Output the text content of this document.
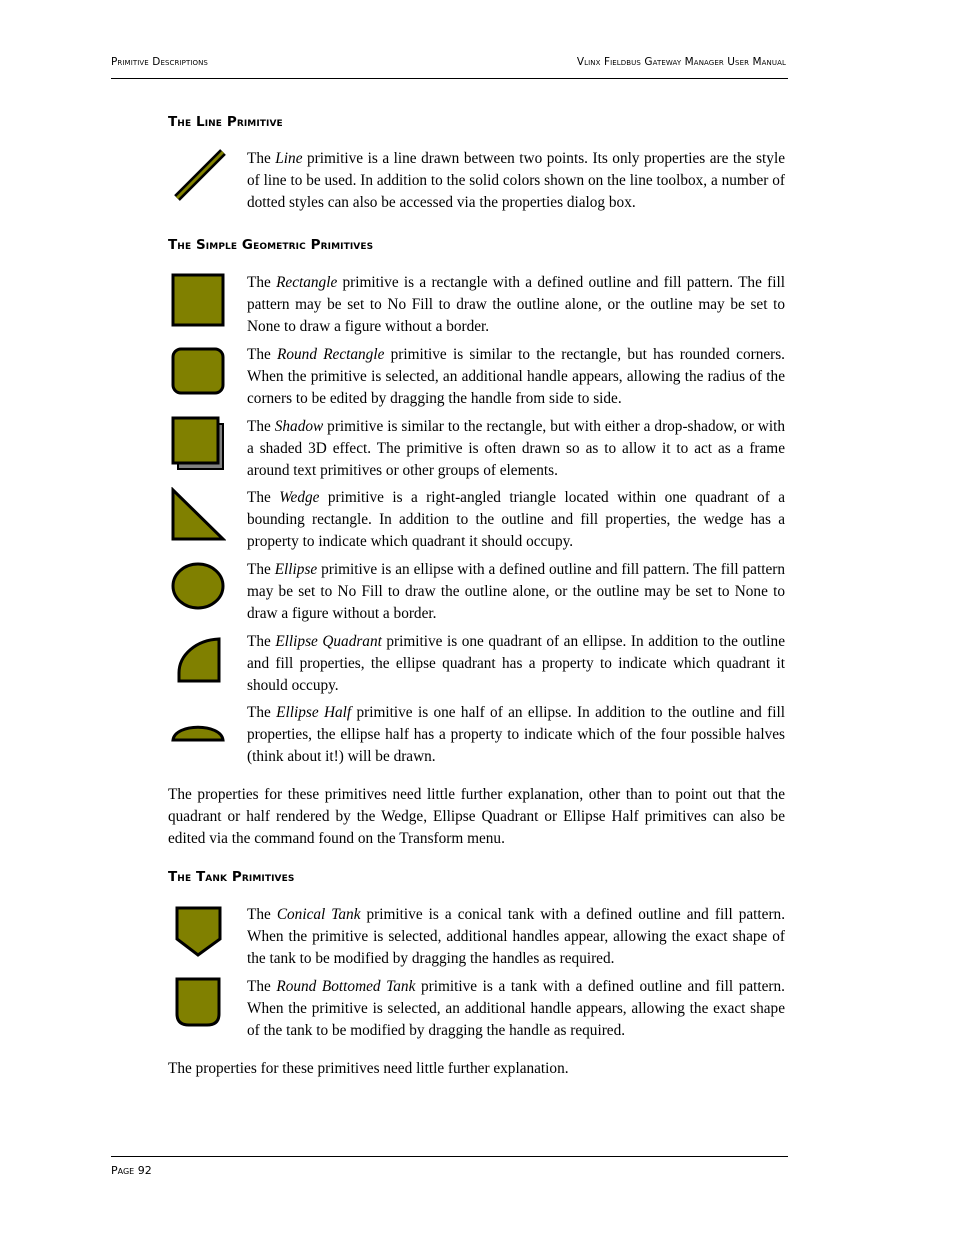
Primitive Descriptions	Vlinx Fieldbus Gateway Manager User Manual
The Line Primitive
The Line primitive is a line drawn between two points. Its only properties are the style of line to be used. In addition to the solid colors shown on the line toolbox, a number of dotted styles can also be accessed via the properties dialog box.
The Simple Geometric Primitives
The Rectangle primitive is a rectangle with a defined outline and fill pattern. The fill pattern may be set to No Fill to draw the outline alone, or the outline may be set to None to draw a figure without a border.
The Round Rectangle primitive is similar to the rectangle, but has rounded corners. When the primitive is selected, an additional handle appears, allowing the radius of the corners to be edited by dragging the handle from side to side.
The Shadow primitive is similar to the rectangle, but with either a drop-shadow, or with a shaded 3D effect. The primitive is often drawn so as to allow it to act as a frame around text primitives or other groups of elements.
The Wedge primitive is a right-angled triangle located within one quadrant of a bounding rectangle. In addition to the outline and fill properties, the wedge has a property to indicate which quadrant it should occupy.
The Ellipse primitive is an ellipse with a defined outline and fill pattern. The fill pattern may be set to No Fill to draw the outline alone, or the outline may be set to None to draw a figure without a border.
The Ellipse Quadrant primitive is one quadrant of an ellipse. In addition to the outline and fill properties, the ellipse quadrant has a property to indicate which quadrant it should occupy.
The Ellipse Half primitive is one half of an ellipse. In addition to the outline and fill properties, the ellipse half has a property to indicate which of the four possible halves (think about it!) will be drawn.
The properties for these primitives need little further explanation, other than to point out that the quadrant or half rendered by the Wedge, Ellipse Quadrant or Ellipse Half primitives can also be edited via the command found on the Transform menu.
The Tank Primitives
The Conical Tank primitive is a conical tank with a defined outline and fill pattern. When the primitive is selected, additional handles appear, allowing the exact shape of the tank to be modified by dragging the handles as required.
The Round Bottomed Tank primitive is a tank with a defined outline and fill pattern. When the primitive is selected, an additional handle appears, allowing the exact shape of the tank to be modified by dragging the handle as required.
The properties for these primitives need little further explanation.
Page 92
